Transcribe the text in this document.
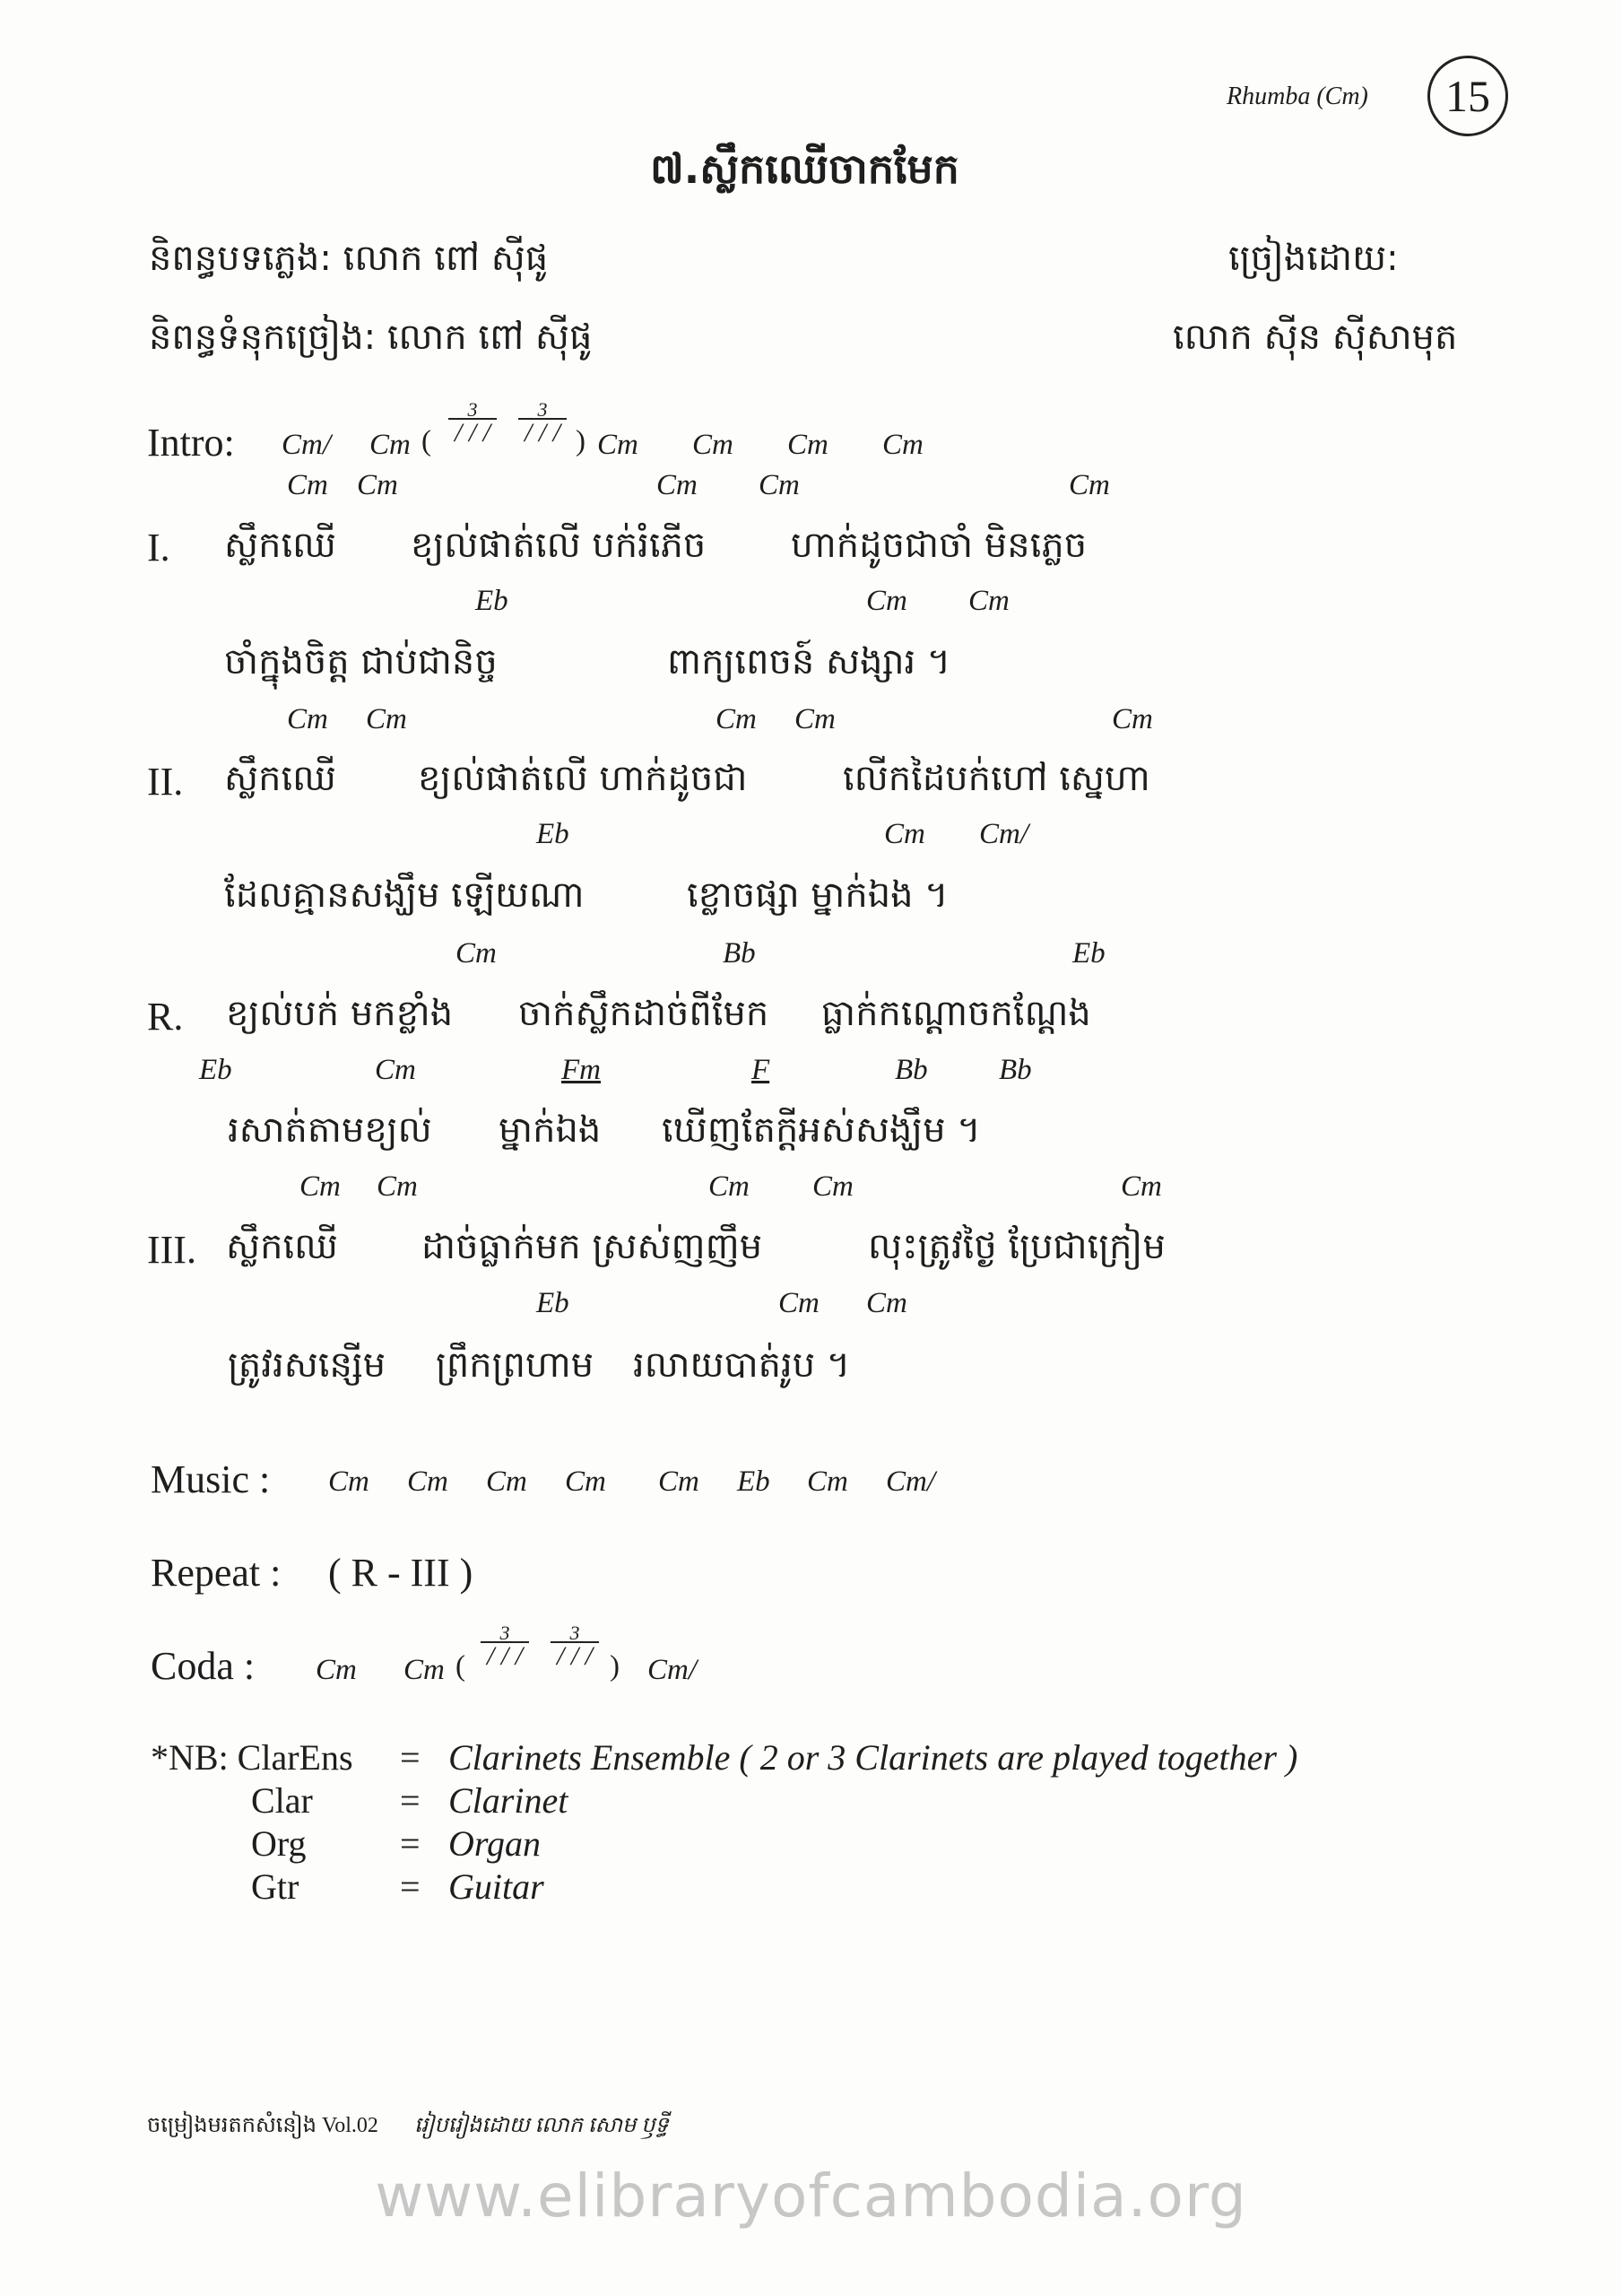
Rhumba (Cm)	15
៧.ស្លឹកឈើចាកមែក
និពន្ធបទភ្លេង: លោក ពៅ ស៊ីផូ	ច្រៀងដោយ:
និពន្ធទំនុកច្រៀង: លោក ពៅ ស៊ីផូ	លោក ស៊ីន ស៊ីសាមុត
Intro: Cm/ Cm (
3
/ / /
3
/ / / ) Cm Cm Cm Cm
Cm Cm	Cm Cm	Cm
I. ស្លឹកឈើ ខ្យល់ផាត់លើ បក់រំភើច ហាក់ដូចជាចាំ មិនភ្លេច
Eb	Cm Cm
ចាំក្នុងចិត្ត ជាប់ជានិច្ច	ពាក្យពេចន៍ សង្សារ ។
Cm Cm	Cm Cm	Cm
II. ស្លឹកឈើ ខ្យល់ផាត់លើ ហាក់ដូចជា	លើកដៃបក់ហៅ ស្នេហា
Eb	Cm Cm/
ដែលគ្មានសង្ឃឹម ឡើយណា	ខ្លោចផ្សា ម្នាក់ឯង ។
Cm	Bb	Eb
R. ខ្យល់បក់ មកខ្លាំង ចាក់ស្លឹកដាច់ពីមែក ធ្លាក់កណ្តោចកណ្តែង
Eb	Cm	Fm	F	Bb Bb
រសាត់តាមខ្យល់ ម្នាក់ឯង ឃើញតែក្តីអស់សង្ឃឹម ។
Cm Cm	Cm Cm	Cm
III. ស្លឹកឈើ ដាច់ធ្លាក់មក ស្រស់ញញឹម	លុះត្រូវថ្ងៃ ប្រែជាក្រៀម
Eb	Cm Cm
ត្រូវរសន្សើម ព្រឹកព្រហាម រលាយបាត់រូប ។
Music : Cm Cm Cm Cm Cm Eb Cm Cm/
Repeat : ( R - III )
Coda : Cm Cm (
3
/ / /
3
/ / / ) Cm/
*NB: ClarEns = Clarinets Ensemble ( 2 or 3 Clarinets are played together )
Clar = Clarinet
Org	= Organ
Gtr	= Guitar
ចម្រៀងមរតកសំនៀង Vol.02 រៀបរៀងដោយ លោក សោម ឫទ្ធី
www.elibraryofcambodia.org
